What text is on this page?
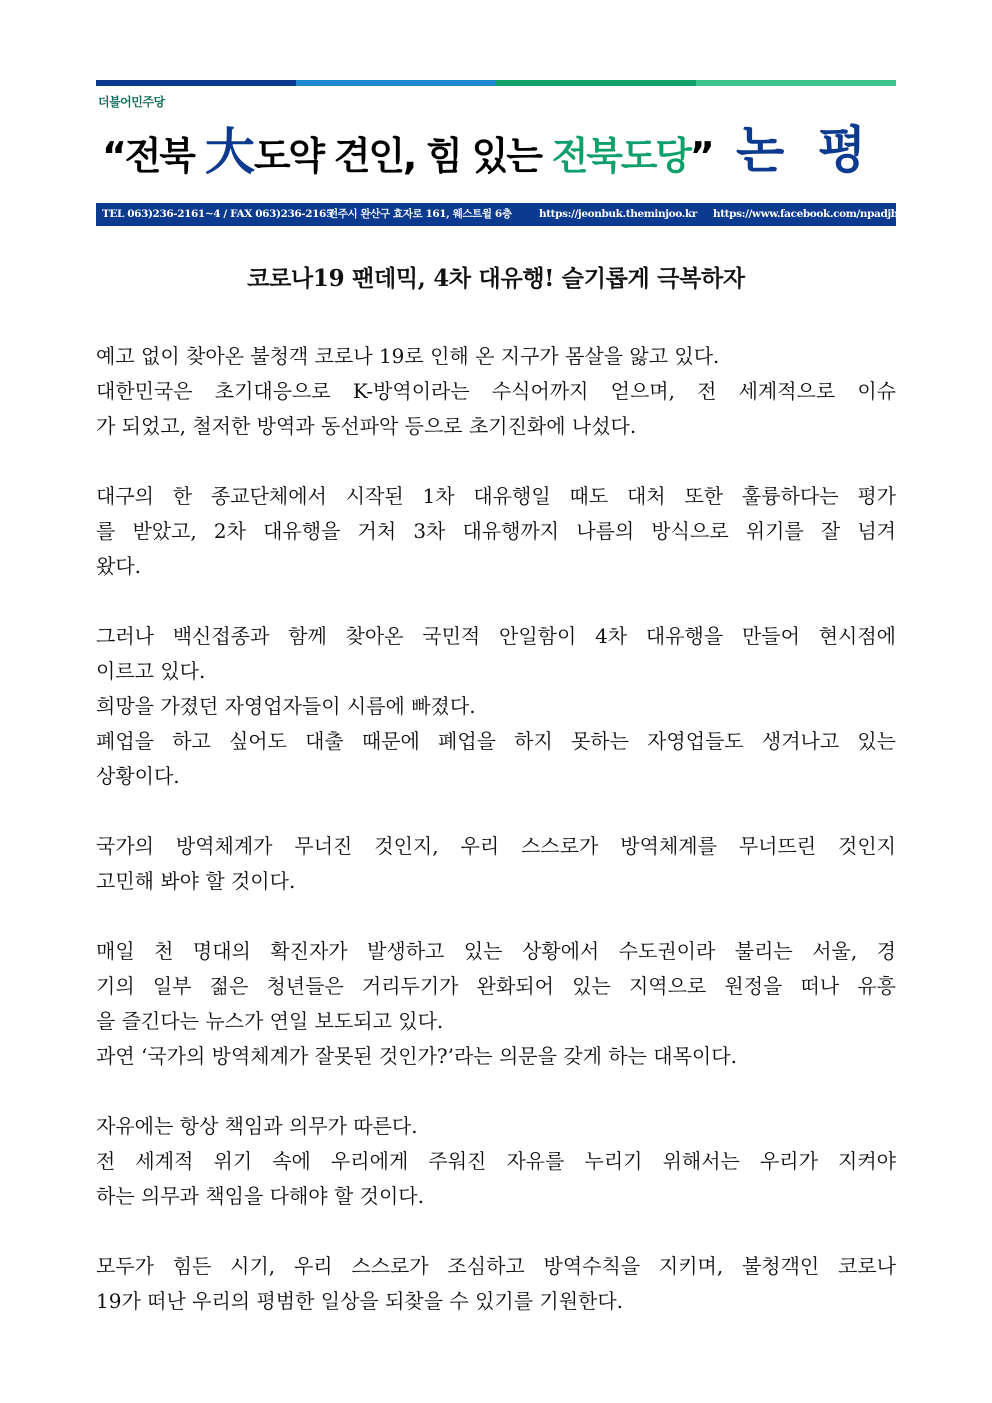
더불어민주당
“전북 大도약 견인, 힘 있는 전북도당” 논 평
TEL 063)236-2161~4 / FAX 063)236-2165
전주시 완산구 효자로 161, 웨스트윌 6층	https://jeonbuk.theminjoo.kr https://www.facebook.com/npadjb
코로나19 팬데믹, 4차 대유행! 슬기롭게 극복하자
예고 없이 찾아온 불청객 코로나 19로 인해 온 지구가 몸살을 앓고 있다.
대한민국은 초기대응으로 K-방역이라는 수식어까지 얻으며, 전 세계적으로 이슈
가 되었고, 철저한 방역과 동선파악 등으로 초기진화에 나섰다.
대구의 한 종교단체에서 시작된 1차 대유행일 때도 대처 또한 훌륭하다는 평가
를 받았고, 2차 대유행을 거처 3차 대유행까지 나름의 방식으로 위기를 잘 넘겨
왔다.
그러나 백신접종과 함께 찾아온 국민적 안일함이 4차 대유행을 만들어 현시점에
이르고 있다.
희망을 가졌던 자영업자들이 시름에 빠졌다.
폐업을 하고 싶어도 대출 때문에 폐업을 하지 못하는 자영업들도 생겨나고 있는
상황이다.
국가의 방역체계가 무너진 것인지, 우리 스스로가 방역체계를 무너뜨린 것인지
고민해 봐야 할 것이다.
매일 천 명대의 확진자가 발생하고 있는 상황에서 수도권이라 불리는 서울, 경
기의 일부 젊은 청년들은 거리두기가 완화되어 있는 지역으로 원정을 떠나 유흥
을 즐긴다는 뉴스가 연일 보도되고 있다.
과연 ‘국가의 방역체계가 잘못된 것인가?’라는 의문을 갖게 하는 대목이다.
자유에는 항상 책임과 의무가 따른다.
전 세계적 위기 속에 우리에게 주워진 자유를 누리기 위해서는 우리가 지켜야
하는 의무과 책임을 다해야 할 것이다.
모두가 힘든 시기, 우리 스스로가 조심하고 방역수칙을 지키며, 불청객인 코로나
19가 떠난 우리의 평범한 일상을 되찾을 수 있기를 기원한다.
